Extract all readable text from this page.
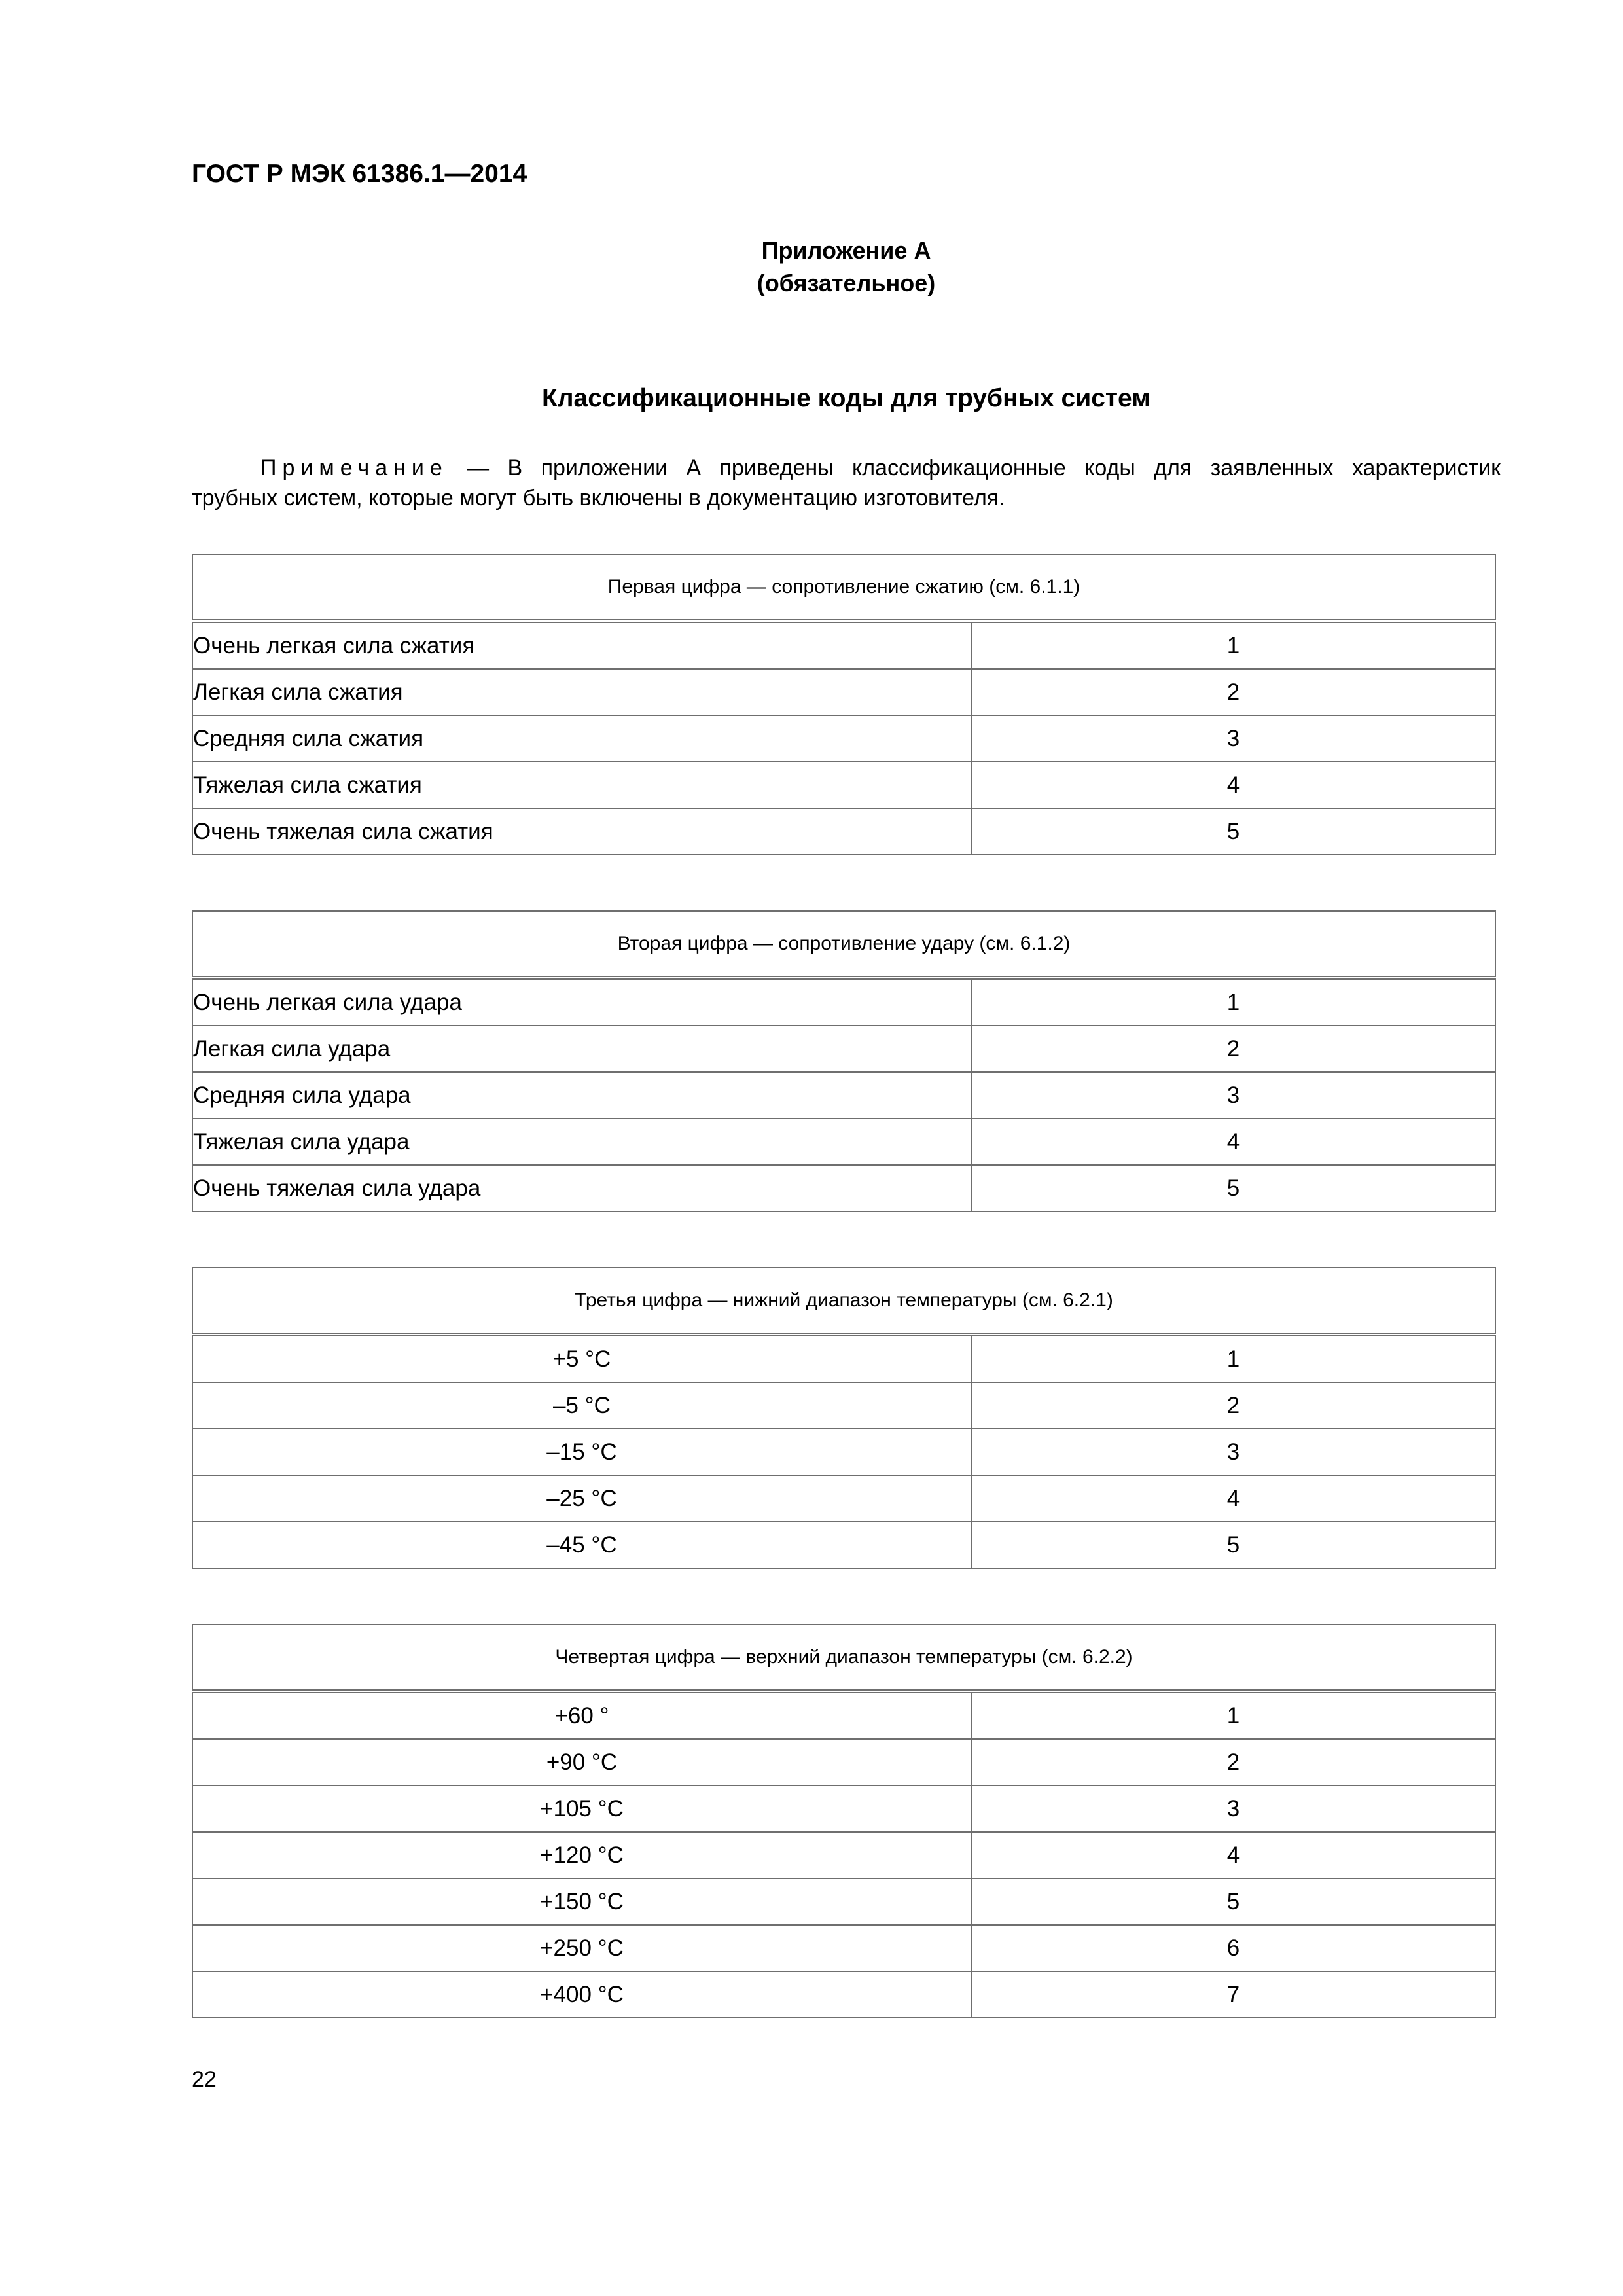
ГОСТ Р МЭК 61386.1—2014
Приложение А
(обязательное)
Классификационные коды для трубных систем
Примечание — В приложении А приведены классификационные коды для заявленных характеристик
трубных систем, которые могут быть включены в документацию изготовителя.
Первая цифра — сопротивление сжатию (см. 6.1.1)	
Очень легкая сила сжатия	1
Легкая сила сжатия	2
Средняя сила сжатия	3
Тяжелая сила сжатия	4
Очень тяжелая сила сжатия	5
Вторая цифра — сопротивление удару (см. 6.1.2)	
Очень легкая сила удара	1
Легкая сила удара	2
Средняя сила удара	3
Тяжелая сила удара	4
Очень тяжелая сила удара	5
Третья цифра — нижний диапазон температуры (см. 6.2.1)	
+5 °С	1
–5 °С	2
–15 °С	3
–25 °С	4
–45 °С	5
Четвертая цифра — верхний диапазон температуры (см. 6.2.2)	
+60 °	1
+90 °С	2
+105 °С	3
+120 °С	4
+150 °С	5
+250 °С	6
+400 °С	7
22
